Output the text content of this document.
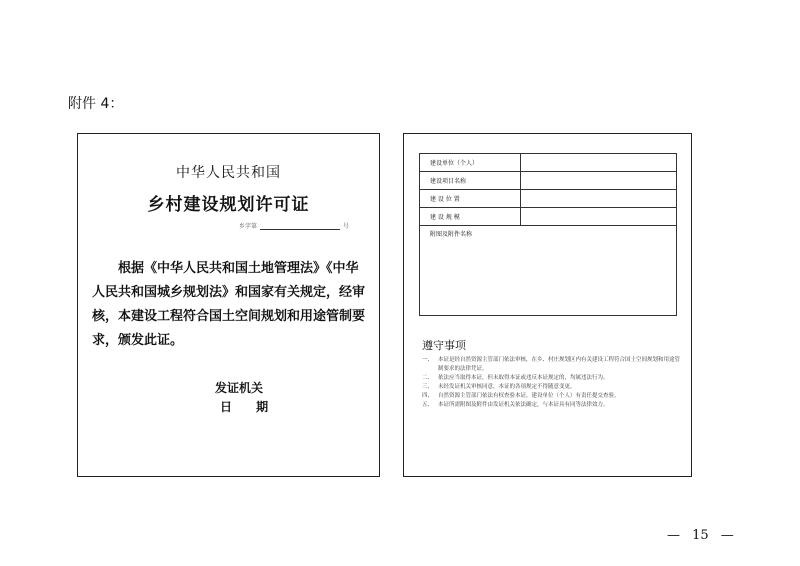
附件 4：
中华人民共和国
乡村建设规划许可证
乡字第	号
根据《中华人民共和国土地管理法》《中华人民共和国城乡规划法》和国家有关规定，经审核，本建设工程符合国土空间规划和用途管制要求，颁发此证。
发证机关
日 期
建设单位（个人）	
建设项目名称	
建 设 位 置	
建 设 规 模	
附图及附件名称	
遵守事项
一、 本证是经自然资源主管部门依法审核，在乡、村庄规划区内有关建设工程符合国土空间规划和用途管制要求的法律凭证。
二、 依法应当取得本证，但未取得本证或违反本证规定的，均属违法行为。
三、 未经发证机关审核同意，本证的各项规定不得随意变更。
四、 自然资源主管部门依法有权查验本证，建设单位（个人）有责任提交查验。
五、 本证所需附图及附件由发证机关依法确定，与本证具有同等法律效力。
— 15 —
